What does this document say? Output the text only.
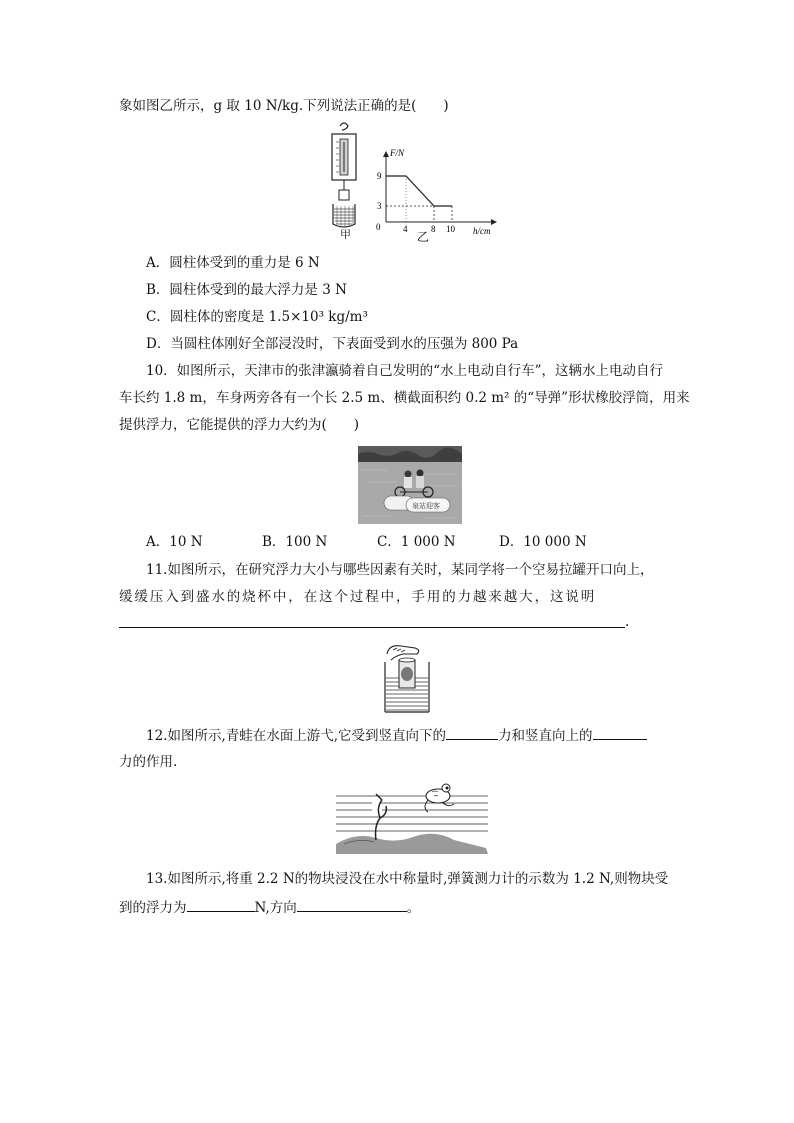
象如图乙所示，g 取 10 N/kg.下列说法正确的是(　　)
甲
F/N
h/cm
0
9
3
4	8 10
乙
A．圆柱体受到的重力是 6 N
B．圆柱体受到的最大浮力是 3 N
C．圆柱体的密度是 1.5×10³ kg/m³
D．当圆柱体刚好全部浸没时，下表面受到水的压强为 800 Pa
10．如图所示，天津市的张津瀛骑着自己发明的“水上电动自行车”，这辆水上电动自行
车长约 1.8 m，车身两旁各有一个长 2.5 m、横截面积约 0.2 m² 的“导弹”形状橡胶浮筒，用来
提供浮力，它能提供的浮力大约为(　　)
泉站迎客
A．10 N	B．100 N	C．1 000 N	D．10 000 N
11.如图所示，在研究浮力大小与哪些因素有关时，某同学将一个空易拉罐开口向上，
缓 缓 压 入 到 盛 水 的 烧 杯 中 ， 在 这 个 过 程 中 ， 手 用 的 力 越 来 越 大 ， 这 说 明
.
12.如图所示,青蛙在水面上游弋,它受到竖直向下的	力和竖直向上的
力的作用.
13.如图所示,将重 2.2 N的物块浸没在水中称量时,弹簧测力计的示数为 1.2 N,则物块受
到的浮力为	N,方向	。
